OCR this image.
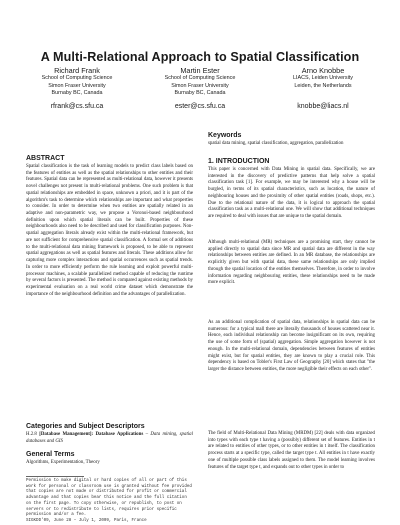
A Multi-Relational Approach to Spatial Classification
Richard Frank
School of Computing Science
Simon Fraser University
Burnaby BC, Canada
rfrank@cs.sfu.ca
Martin Ester
School of Computing Science
Simon Fraser University
Burnaby BC, Canada
ester@cs.sfu.ca
Arno Knobbe
LIACS, Leiden University
Leiden, the Netherlands
knobbe@liacs.nl
ABSTRACT

Spatial classification is the task of learning models to predict class labels based on the features of entities as well as the spatial relationships to other entities and their features. Spatial data can be represented as multi-relational data, however it presents novel challenges not present in multi-relational problems. One such problem is that spatial relationships are embedded in space, unknown a priori, and it is part of the algorithm's task to determine which relationships are important and what properties to consider. In order to determine when two entities are spatially related in an adaptive and non-parametric way, we propose a Voronoi-based neighbourhood definition upon which spatial literals can be built. Properties of these neighbourhoods also need to be described and used for classification purposes. Non-spatial aggregation literals already exist within the multi-relational framework, but are not sufficient for comprehensive spatial classification. A formal set of additions to the multi-relational data mining framework is proposed, to be able to represent spatial aggregations as well as spatial features and literals. These additions allow for capturing more complex interactions and spatial occurrences such as spatial trends. In order to more efficiently perform the rule learning and exploit powerful multi-processor machines, a scalable parallelized method capable of reducing the runtime by several factors is presented. The method is compared against existing methods by experimental evaluation on a real world crime dataset which demonstrate the importance of the neighbourhood definition and the advantages of parallelization.

Categories and Subject Descriptors

H.2.8 [Database Management]: Database Applications – Data mining, spatial databases and GIS

General Terms

Algorithms, Experimentation, Theory

Permission to make digital or hard copies of all or part of this work for personal or classroom use is granted without fee provided that copies are not made or distributed for profit or commercial advantage and that copies bear this notice and the full citation on the first page. To copy otherwise, or republish, to post on servers or to redistribute to lists, requires prior specific permission and/or a fee.
SIGKDD'09, June 28 – July 1, 2009, Paris, France
Keywords

spatial data mining, spatial classification, aggregation, parallelization

1. INTRODUCTION

This paper is concerned with Data Mining in spatial data. Specifically, we are interested in the discovery of predictive patterns that help solve a spatial classification task [1]. For example, we may be interested why a house will be burgled, in terms of its spatial characteristics, such as location, the nature of neighbouring houses and the proximity of other spatial entities (roads, shops, etc.). Due to the relational nature of the data, it is logical to approach the spatial classification task as a multi-relational one. We will show that additional techniques are required to deal with issues that are unique to the spatial domain.

Although multi-relational (MR) techniques are a promising start, they cannot be applied directly to spatial data since MR and spatial data are different in the way relationships between entities are defined. In an MR database, the relationships are explicitly given but with spatial data, these same relationships are only implied through the spatial location of the entities themselves. Therefore, in order to involve information regarding neighbouring entities, these relationships need to be made more explicit.

As an additional complication of spatial data, relationships in spatial data can be numerous: for a typical mall there are literally thousands of houses scattered near it. Hence, each individual relationship can become insignificant on its own, requiring the use of some form of (spatial) aggregation. Simple aggregation however is not enough. In the multi-relational domain, dependencies between features of entities might exist, but for spatial entities, they are known to play a crucial role. This dependency is based on Tobler's First Law of Geography [20] which states that "the larger the distance between entities, the more negligible their effects on each other".

The field of Multi-Relational Data Mining (MRDM) [22] deals with data organized into types with each type t having a (possibly) different set of features. Entities in t are related to entities of other types, or to other entities in t itself. The classification process starts at a specific type, called the target type t. All entities in t have exactly one of multiple possible class labels assigned to them. The model learning involves features of the target type t, and expands out to other types in order to
